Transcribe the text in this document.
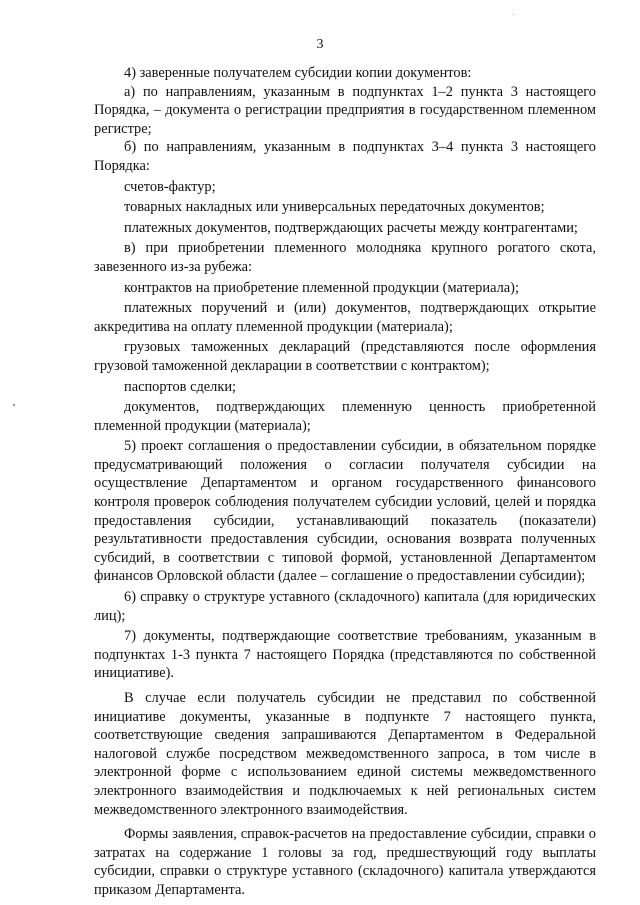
3

4) заверенные получателем субсидии копии документов:

а) по направлениям, указанным в подпунктах 1–2 пункта 3 настоящего Порядка, – документа о регистрации предприятия в государственном племенном регистре;

б) по направлениям, указанным в подпунктах 3–4 пункта 3 настоящего Порядка:

счетов-фактур;

товарных накладных или универсальных передаточных документов;

платежных документов, подтверждающих расчеты между контрагентами;

в) при приобретении племенного молодняка крупного рогатого скота, завезенного из-за рубежа:

контрактов на приобретение племенной продукции (материала);

платежных поручений и (или) документов, подтверждающих открытие аккредитива на оплату племенной продукции (материала);

грузовых таможенных деклараций (представляются после оформления грузовой таможенной декларации в соответствии с контрактом);

паспортов сделки;

документов, подтверждающих племенную ценность приобретенной племенной продукции (материала);

5) проект соглашения о предоставлении субсидии, в обязательном порядке предусматривающий положения о согласии получателя субсидии на осуществление Департаментом и органом государственного финансового контроля проверок соблюдения получателем субсидии условий, целей и порядка предоставления субсидии, устанавливающий показатель (показатели) результативности предоставления субсидии, основания возврата полученных субсидий, в соответствии с типовой формой, установленной Департаментом финансов Орловской области (далее – соглашение о предоставлении субсидии);

6) справку о структуре уставного (складочного) капитала (для юридических лиц);

7) документы, подтверждающие соответствие требованиям, указанным в подпунктах 1-3 пункта 7 настоящего Порядка (представляются по собственной инициативе).

В случае если получатель субсидии не представил по собственной инициативе документы, указанные в подпункте 7 настоящего пункта, соответствующие сведения запрашиваются Департаментом в Федеральной налоговой службе посредством межведомственного запроса, в том числе в электронной форме с использованием единой системы межведомственного электронного взаимодействия и подключаемых к ней региональных систем межведомственного электронного взаимодействия.

Формы заявления, справок-расчетов на предоставление субсидии, справки о затратах на содержание 1 головы за год, предшествующий году выплаты субсидии, справки о структуре уставного (складочного) капитала утверждаются приказом Департамента.
